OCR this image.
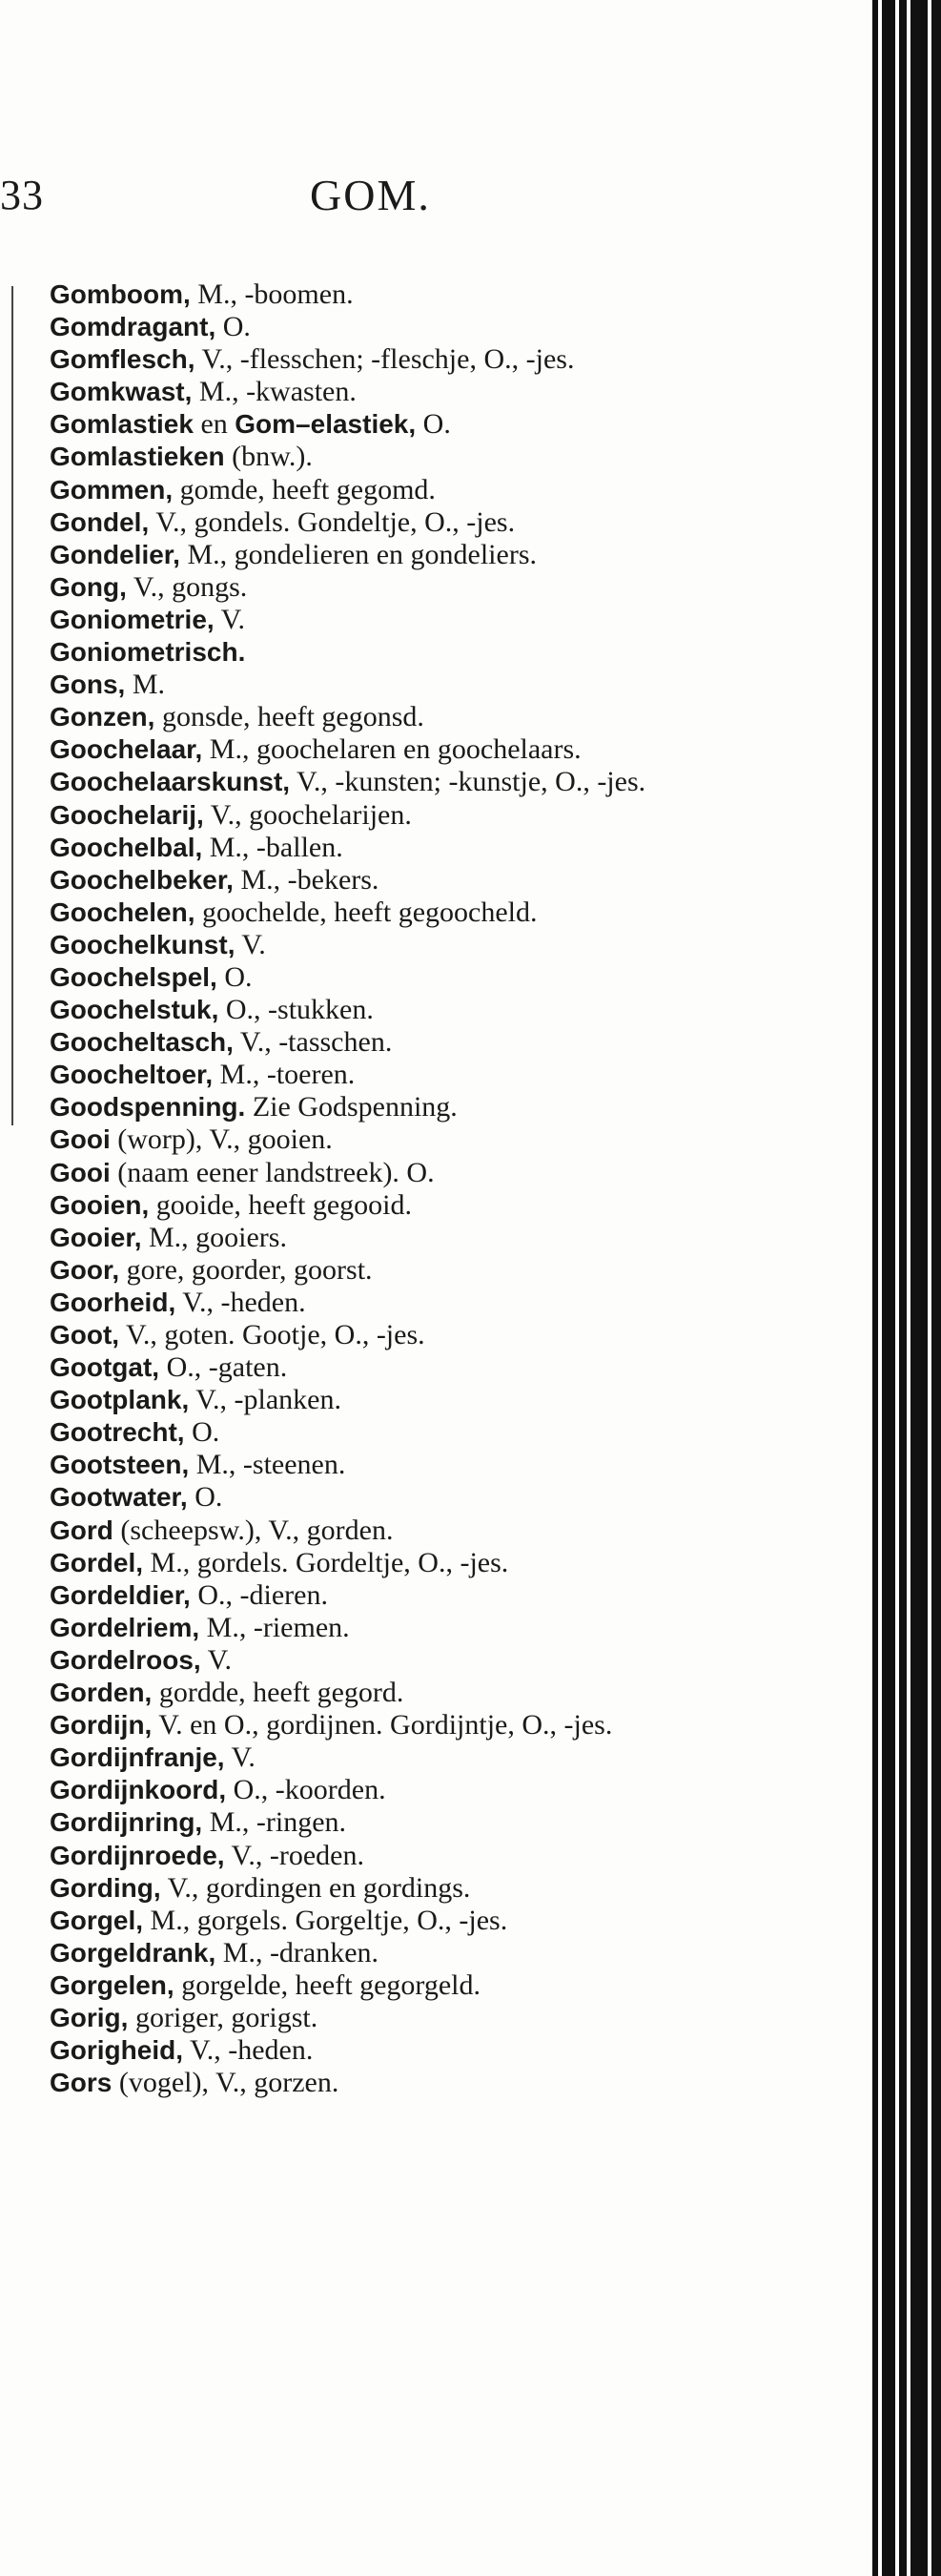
33	GOM.

Gomboom, M., -boomen.

Gomdragant, O.

Gomflesch, V., -flesschen; -fleschje, O., -jes.

Gomkwast, M., -kwasten.

Gomlastiek en Gom–elastiek, O.

Gomlastieken (bnw.).

Gommen, gomde, heeft gegomd.

Gondel, V., gondels. Gondeltje, O., -jes.

Gondelier, M., gondelieren en gondeliers.

Gong, V., gongs.

Goniometrie, V.

Goniometrisch.

Gons, M.

Gonzen, gonsde, heeft gegonsd.

Goochelaar, M., goochelaren en goochelaars.

Goochelaarskunst, V., -kunsten; -kunstje, O., -jes.

Goochelarij, V., goochelarijen.

Goochelbal, M., -ballen.

Goochelbeker, M., -bekers.

Goochelen, goochelde, heeft gegoocheld.

Goochelkunst, V.

Goochelspel, O.

Goochelstuk, O., -stukken.

Goocheltasch, V., -tasschen.

Goocheltoer, M., -toeren.

Goodspenning. Zie Godspenning.

Gooi (worp), V., gooien.

Gooi (naam eener landstreek). O.

Gooien, gooide, heeft gegooid.

Gooier, M., gooiers.

Goor, gore, goorder, goorst.

Goorheid, V., -heden.

Goot, V., goten. Gootje, O., -jes.

Gootgat, O., -gaten.

Gootplank, V., -planken.

Gootrecht, O.

Gootsteen, M., -steenen.

Gootwater, O.

Gord (scheepsw.), V., gorden.

Gordel, M., gordels. Gordeltje, O., -jes.

Gordeldier, O., -dieren.

Gordelriem, M., -riemen.

Gordelroos, V.

Gorden, gordde, heeft gegord.

Gordijn, V. en O., gordijnen. Gordijntje, O., -jes.

Gordijnfranje, V.

Gordijnkoord, O., -koorden.

Gordijnring, M., -ringen.

Gordijnroede, V., -roeden.

Gording, V., gordingen en gordings.

Gorgel, M., gorgels. Gorgeltje, O., -jes.

Gorgeldrank, M., -dranken.

Gorgelen, gorgelde, heeft gegorgeld.

Gorig, goriger, gorigst.

Gorigheid, V., -heden.

Gors (vogel), V., gorzen.
